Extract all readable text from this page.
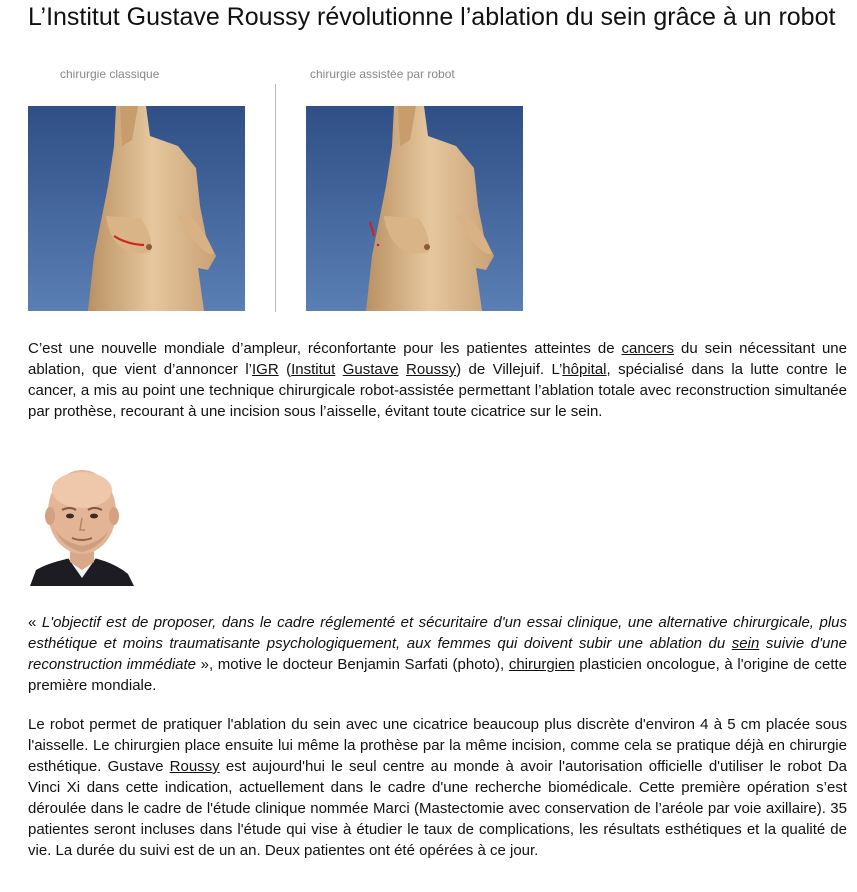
L’Institut Gustave Roussy révolutionne l’ablation du sein grâce à un robot
chirurgie classique	chirurgie assistée par robot

C’est une nouvelle mondiale d’ampleur, réconfortante pour les patientes atteintes de cancers du sein nécessitant une ablation, que vient d’annoncer l’IGR (Institut Gustave Roussy) de Villejuif. L’hôpital, spécialisé dans la lutte contre le cancer, a mis au point une technique chirurgicale robot-assistée permettant l’ablation totale avec reconstruction simultanée par prothèse, recourant à une incision sous l’aisselle, évitant toute cicatrice sur le sein.

« L'objectif est de proposer, dans le cadre réglementé et sécuritaire d'un essai clinique, une alternative chirurgicale, plus esthétique et moins traumatisante psychologiquement, aux femmes qui doivent subir une ablation du sein suivie d'une reconstruction immédiate », motive le docteur Benjamin Sarfati (photo), chirurgien plasticien oncologue, à l'origine de cette première mondiale.

Le robot permet de pratiquer l'ablation du sein avec une cicatrice beaucoup plus discrète d'environ 4 à 5 cm placée sous l'aisselle. Le chirurgien place ensuite lui même la prothèse par la même incision, comme cela se pratique déjà en chirurgie esthétique. Gustave Roussy est aujourd'hui le seul centre au monde à avoir l'autorisation officielle d'utiliser le robot Da Vinci Xi dans cette indication, actuellement dans le cadre d'une recherche biomédicale. Cette première opération s’est déroulée dans le cadre de l'étude clinique nommée Marci (Mastectomie avec conservation de l’aréole par voie axillaire). 35 patientes seront incluses dans l'étude qui vise à étudier le taux de complications, les résultats esthétiques et la qualité de vie. La durée du suivi est de un an. Deux patientes ont été opérées à ce jour.
